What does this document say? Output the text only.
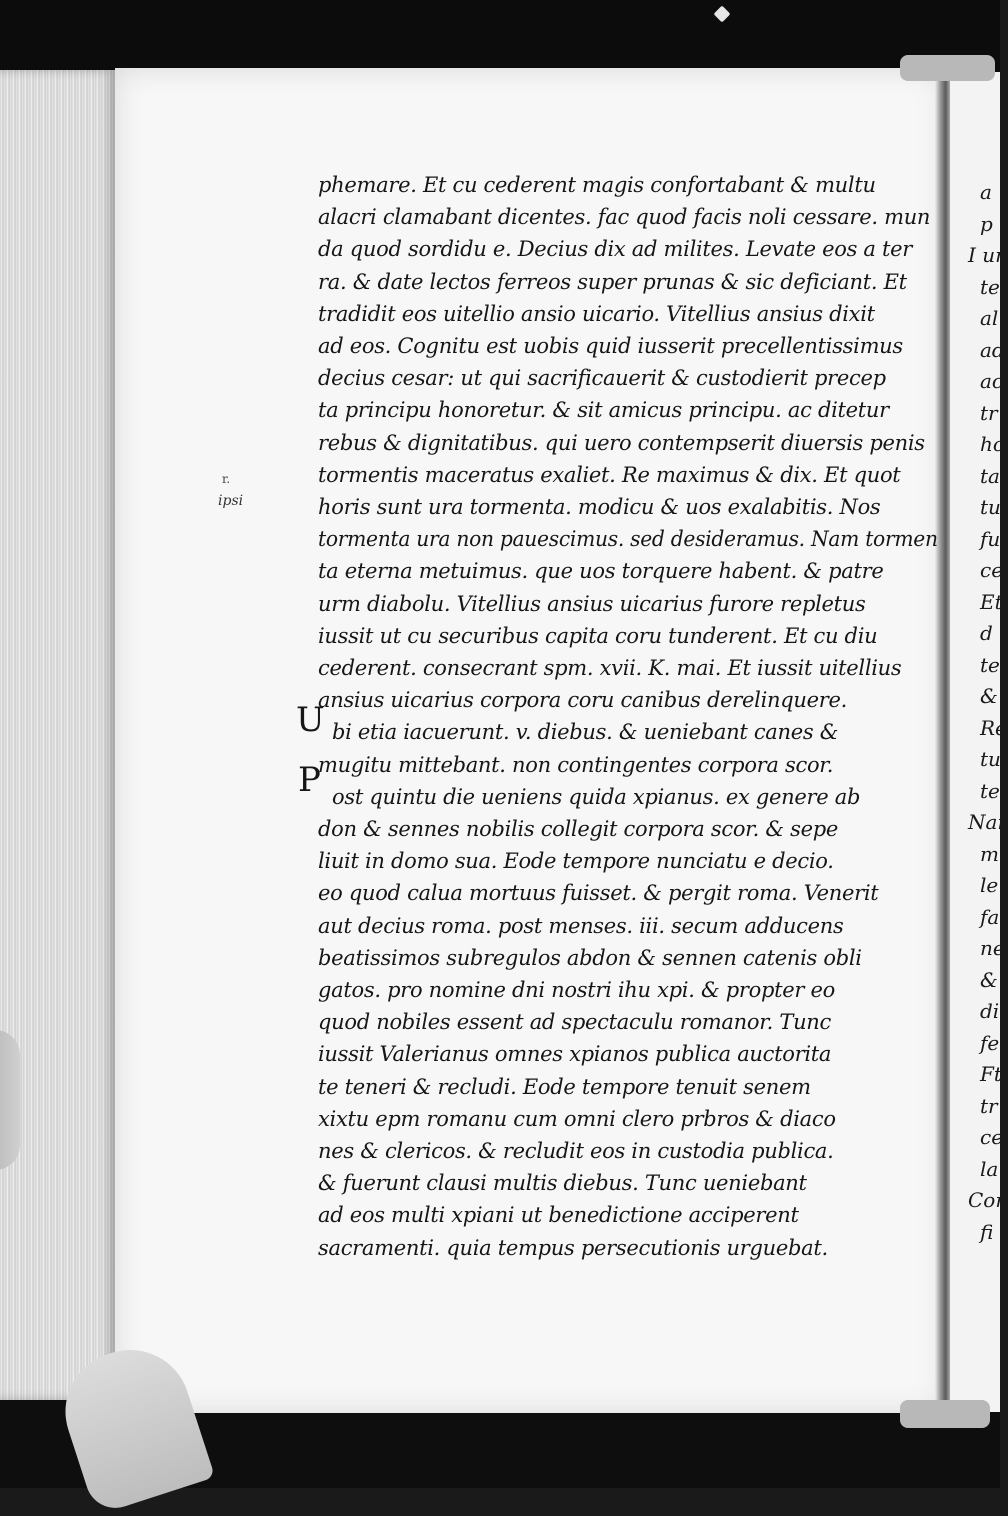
r.
ipsi
phemare. Et cu cederent magis confortabant & multu
alacri clamabant dicentes. fac quod facis noli cessare. mun
da quod sordidu e. Decius dix ad milites. Levate eos a ter
ra. & date lectos ferreos super prunas & sic deficiant. Et
tradidit eos uitellio ansio uicario. Vitellius ansius dixit
ad eos. Cognitu est uobis quid iusserit precellentissimus
decius cesar: ut qui sacrificauerit & custodierit precep
ta principu honoretur. & sit amicus principu. ac ditetur
rebus & dignitatibus. qui uero contempserit diuersis penis
tormentis maceratus exaliet. Re maximus & dix. Et quot
horis sunt ura tormenta. modicu & uos exalabitis. Nos
tormenta ura non pauescimus. sed desideramus. Nam tormen
ta eterna metuimus. que uos torquere habent. & patre
urm diabolu. Vitellius ansius uicarius furore repletus
iussit ut cu securibus capita coru tunderent. Et cu diu
cederent. consecrant spm. xvii. K. mai. Et iussit uitellius
ansius uicarius corpora coru canibus derelinquere.
bi etia iacuerunt. v. diebus. & ueniebant canes &
mugitu mittebant. non contingentes corpora scor.
ost quintu die ueniens quida xpianus. ex genere ab
don & sennes nobilis collegit corpora scor. & sepe
liuit in domo sua. Eode tempore nunciatu e decio.
eo quod calua mortuus fuisset. & pergit roma. Venerit
aut decius roma. post menses. iii. secum adducens
beatissimos subregulos abdon & sennen catenis obli
gatos. pro nomine dni nostri ihu xpi. & propter eo
quod nobiles essent ad spectaculu romanor. Tunc
iussit Valerianus omnes xpianos publica auctorita
te teneri & recludi. Eode tempore tenuit senem
xixtu epm romanu cum omni clero prbros & diaco
nes & clericos. & recludit eos in custodia publica.
& fuerunt clausi multis diebus. Tunc ueniebant
ad eos multi xpiani ut benedictione acciperent
sacramenti. quia tempus persecutionis urguebat.
U
P
a
p
I un
te
al
ad
ac
tr
ho
ta
tu
fu
ce
Et
d
te
&
Re
tu
te
Nar
m
le
fa
ne
&
di
fe
Ft
tr
ce
la
Con
fi
